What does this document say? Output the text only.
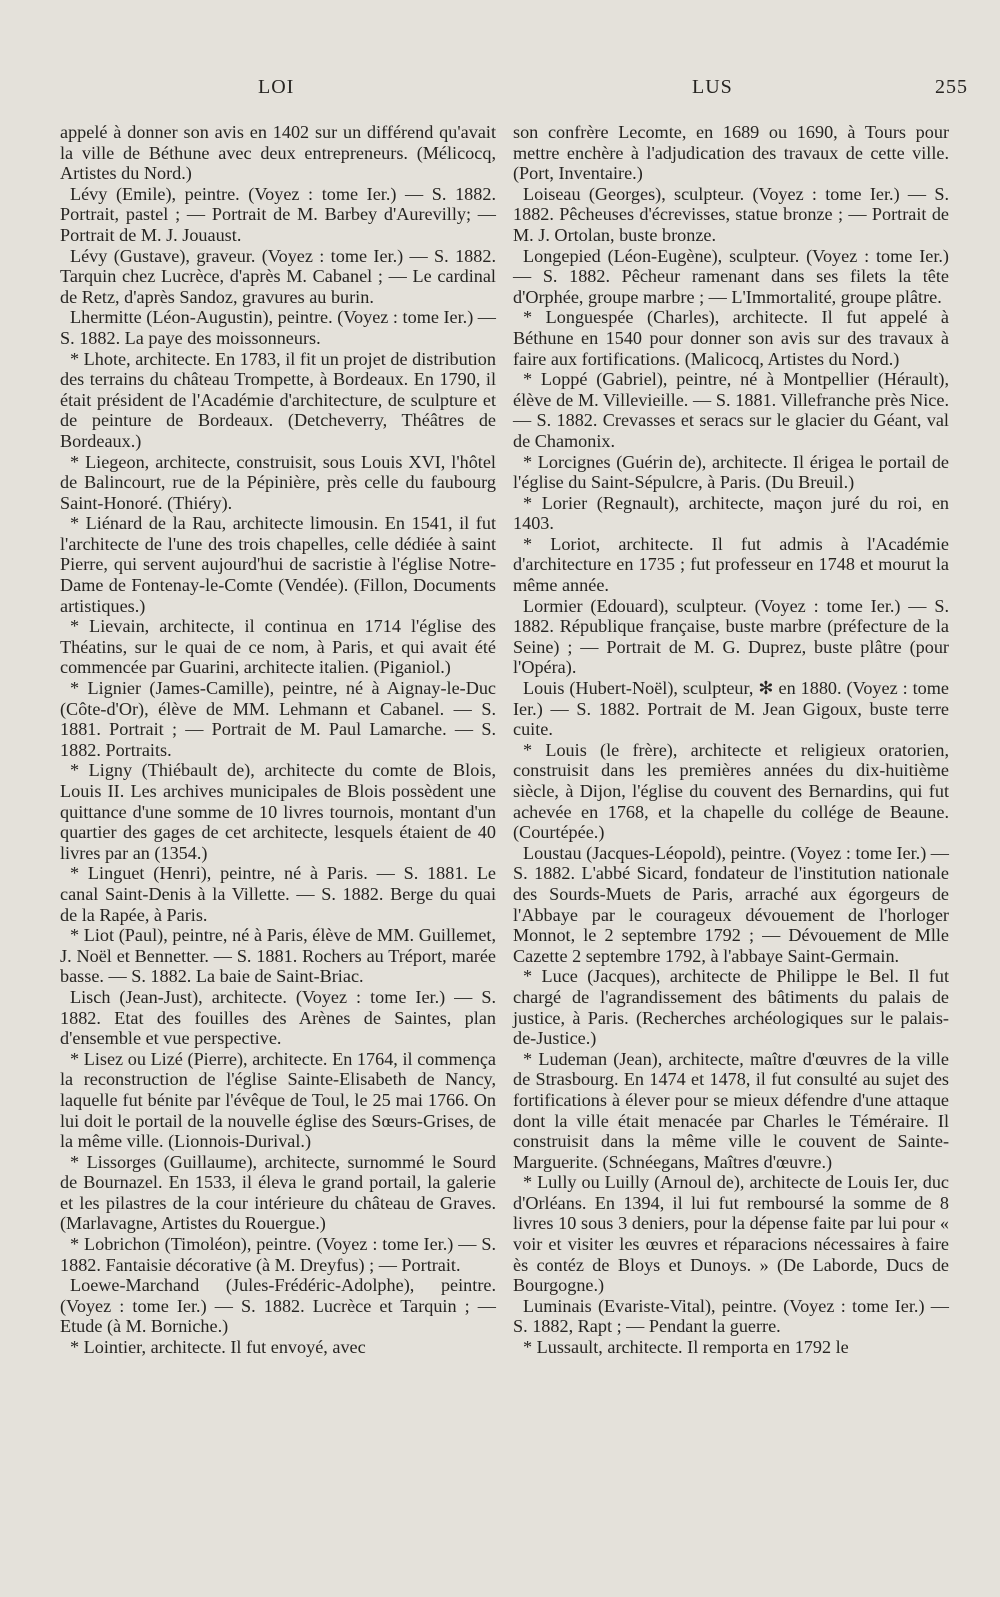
LOI	LUS	255

appelé à donner son avis en 1402 sur un différend qu'avait la ville de Béthune avec deux entrepreneurs. (Mélicocq, Artistes du Nord.)

Lévy (Emile), peintre. (Voyez : tome Ier.) — S. 1882. Portrait, pastel ; — Portrait de M. Barbey d'Aurevilly; — Portrait de M. J. Jouaust.

Lévy (Gustave), graveur. (Voyez : tome Ier.) — S. 1882. Tarquin chez Lucrèce, d'après M. Cabanel ; — Le cardinal de Retz, d'après Sandoz, gravures au burin.

Lhermitte (Léon-Augustin), peintre. (Voyez : tome Ier.) — S. 1882. La paye des moissonneurs.

* Lhote, architecte. En 1783, il fit un projet de distribution des terrains du château Trompette, à Bordeaux. En 1790, il était président de l'Académie d'architecture, de sculpture et de peinture de Bordeaux. (Detcheverry, Théâtres de Bordeaux.)

* Liegeon, architecte, construisit, sous Louis XVI, l'hôtel de Balincourt, rue de la Pépinière, près celle du faubourg Saint-Honoré. (Thiéry).

* Liénard de la Rau, architecte limousin. En 1541, il fut l'architecte de l'une des trois chapelles, celle dédiée à saint Pierre, qui servent aujourd'hui de sacristie à l'église Notre-Dame de Fontenay-le-Comte (Vendée). (Fillon, Documents artistiques.)

* Lievain, architecte, il continua en 1714 l'église des Théatins, sur le quai de ce nom, à Paris, et qui avait été commencée par Guarini, architecte italien. (Piganiol.)

* Lignier (James-Camille), peintre, né à Aignay-le-Duc (Côte-d'Or), élève de MM. Lehmann et Cabanel. — S. 1881. Portrait ; — Portrait de M. Paul Lamarche. — S. 1882. Portraits.

* Ligny (Thiébault de), architecte du comte de Blois, Louis II. Les archives municipales de Blois possèdent une quittance d'une somme de 10 livres tournois, montant d'un quartier des gages de cet architecte, lesquels étaient de 40 livres par an (1354.)

* Linguet (Henri), peintre, né à Paris. — S. 1881. Le canal Saint-Denis à la Villette. — S. 1882. Berge du quai de la Rapée, à Paris.

* Liot (Paul), peintre, né à Paris, élève de MM. Guillemet, J. Noël et Bennetter. — S. 1881. Rochers au Tréport, marée basse. — S. 1882. La baie de Saint-Briac.

Lisch (Jean-Just), architecte. (Voyez : tome Ier.) — S. 1882. Etat des fouilles des Arènes de Saintes, plan d'ensemble et vue perspective.

* Lisez ou Lizé (Pierre), architecte. En 1764, il commença la reconstruction de l'église Sainte-Elisabeth de Nancy, laquelle fut bénite par l'évêque de Toul, le 25 mai 1766. On lui doit le portail de la nouvelle église des Sœurs-Grises, de la même ville. (Lionnois-Durival.)

* Lissorges (Guillaume), architecte, surnommé le Sourd de Bournazel. En 1533, il éleva le grand portail, la galerie et les pilastres de la cour intérieure du château de Graves. (Marlavagne, Artistes du Rouergue.)

* Lobrichon (Timoléon), peintre. (Voyez : tome Ier.) — S. 1882. Fantaisie décorative (à M. Dreyfus) ; — Portrait.

Loewe-Marchand (Jules-Frédéric-Adolphe), peintre. (Voyez : tome Ier.) — S. 1882. Lucrèce et Tarquin ; — Etude (à M. Borniche.)

* Lointier, architecte. Il fut envoyé, avec

son confrère Lecomte, en 1689 ou 1690, à Tours pour mettre enchère à l'adjudication des travaux de cette ville. (Port, Inventaire.)

Loiseau (Georges), sculpteur. (Voyez : tome Ier.) — S. 1882. Pêcheuses d'écrevisses, statue bronze ; — Portrait de M. J. Ortolan, buste bronze.

Longepied (Léon-Eugène), sculpteur. (Voyez : tome Ier.) — S. 1882. Pêcheur ramenant dans ses filets la tête d'Orphée, groupe marbre ; — L'Immortalité, groupe plâtre.

* Longuespée (Charles), architecte. Il fut appelé à Béthune en 1540 pour donner son avis sur des travaux à faire aux fortifications. (Malicocq, Artistes du Nord.)

* Loppé (Gabriel), peintre, né à Montpellier (Hérault), élève de M. Villevieille. — S. 1881. Villefranche près Nice. — S. 1882. Crevasses et seracs sur le glacier du Géant, val de Chamonix.

* Lorcignes (Guérin de), architecte. Il érigea le portail de l'église du Saint-Sépulcre, à Paris. (Du Breuil.)

* Lorier (Regnault), architecte, maçon juré du roi, en 1403.

* Loriot, architecte. Il fut admis à l'Académie d'architecture en 1735 ; fut professeur en 1748 et mourut la même année.

Lormier (Edouard), sculpteur. (Voyez : tome Ier.) — S. 1882. République française, buste marbre (préfecture de la Seine) ; — Portrait de M. G. Duprez, buste plâtre (pour l'Opéra).

Louis (Hubert-Noël), sculpteur, ✻ en 1880. (Voyez : tome Ier.) — S. 1882. Portrait de M. Jean Gigoux, buste terre cuite.

* Louis (le frère), architecte et religieux oratorien, construisit dans les premières années du dix-huitième siècle, à Dijon, l'église du couvent des Bernardins, qui fut achevée en 1768, et la chapelle du collége de Beaune. (Courtépée.)

Loustau (Jacques-Léopold), peintre. (Voyez : tome Ier.) — S. 1882. L'abbé Sicard, fondateur de l'institution nationale des Sourds-Muets de Paris, arraché aux égorgeurs de l'Abbaye par le courageux dévouement de l'horloger Monnot, le 2 septembre 1792 ; — Dévouement de Mlle Cazette 2 septembre 1792, à l'abbaye Saint-Germain.

* Luce (Jacques), architecte de Philippe le Bel. Il fut chargé de l'agrandissement des bâtiments du palais de justice, à Paris. (Recherches archéologiques sur le palais-de-Justice.)

* Ludeman (Jean), architecte, maître d'œuvres de la ville de Strasbourg. En 1474 et 1478, il fut consulté au sujet des fortifications à élever pour se mieux défendre d'une attaque dont la ville était menacée par Charles le Téméraire. Il construisit dans la même ville le couvent de Sainte-Marguerite. (Schnéegans, Maîtres d'œuvre.)

* Lully ou Luilly (Arnoul de), architecte de Louis Ier, duc d'Orléans. En 1394, il lui fut remboursé la somme de 8 livres 10 sous 3 deniers, pour la dépense faite par lui pour « voir et visiter les œuvres et réparacions nécessaires à faire ès contéz de Bloys et Dunoys. » (De Laborde, Ducs de Bourgogne.)

Luminais (Evariste-Vital), peintre. (Voyez : tome Ier.) — S. 1882, Rapt ; — Pendant la guerre.

* Lussault, architecte. Il remporta en 1792 le
